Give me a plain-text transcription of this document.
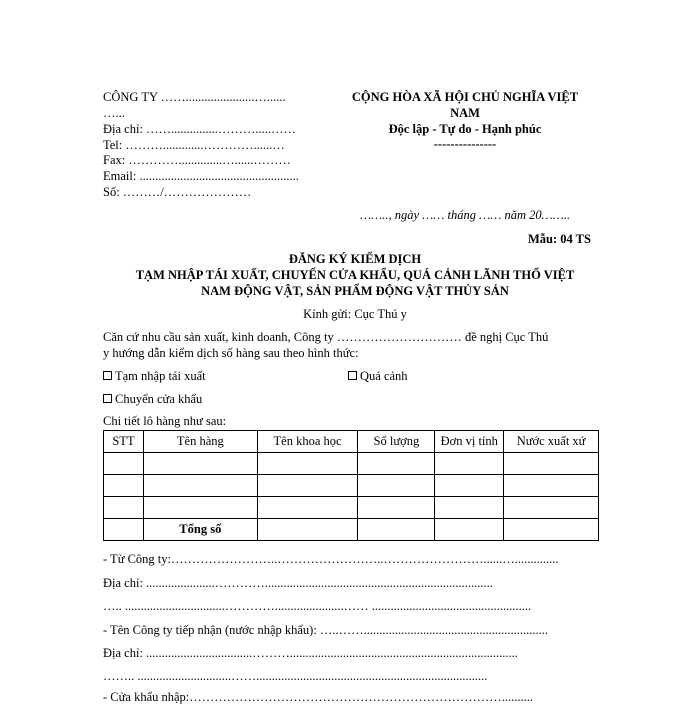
CÔNG TY ……......................…......
…...
Địa chỉ: ……...............……….....……
Tel: ……….............…………......…
Fax: …………..............…......………
Email: ...................................................
Số: ………/…………………
CỘNG HÒA XÃ HỘI CHỦ NGHĨA VIỆT
NAM
Độc lập - Tự do - Hạnh phúc
---------------
…….., ngày …… tháng …… năm 20……..
Mẫu: 04 TS
ĐĂNG KÝ KIỂM DỊCH
TẠM NHẬP TÁI XUẤT, CHUYỂN CỬA KHẨU, QUÁ CẢNH LÃNH THỔ VIỆT
NAM ĐỘNG VẬT, SẢN PHẨM ĐỘNG VẬT THỦY SẢN
Kính gửi: Cục Thú y
Căn cứ nhu cầu sản xuất, kinh doanh, Công ty ………………………… đề nghị Cục Thú
y hướng dẫn kiểm dịch số hàng sau theo hình thức:
Tạm nhập tái xuất	Quá cảnh
Chuyển cửa khẩu
Chi tiết lô hàng như sau:
STT	Tên hàng	Tên khoa học	Số lượng	Đơn vị tính	Nước xuất xứ

	Tổng số				
- Từ Công ty:……………………..……………………..……………………......…..............
Địa chỉ: ......................………….........................................................................
….. ................................…………......................…… ...................................................
- Tên Công ty tiếp nhận (nước nhập khẩu): …..……...........................................................
Địa chỉ: ..................................……….........................................................................
…….. ..............................……..........................................................................
- Cửa khẩu nhập:…………………………………………………………………..........
